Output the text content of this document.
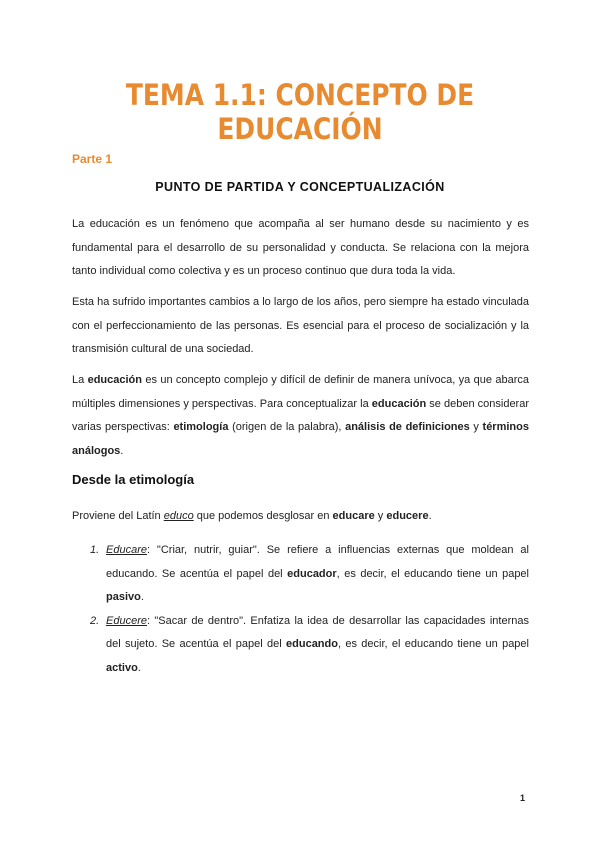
TEMA 1.1: CONCEPTO DE EDUCACIÓN

Parte 1

PUNTO DE PARTIDA Y CONCEPTUALIZACIÓN

La educación es un fenómeno que acompaña al ser humano desde su nacimiento y es fundamental para el desarrollo de su personalidad y conducta. Se relaciona con la mejora tanto individual como colectiva y es un proceso continuo que dura toda la vida.

Esta ha sufrido importantes cambios a lo largo de los años, pero siempre ha estado vinculada con el perfeccionamiento de las personas. Es esencial para el proceso de socialización y la transmisión cultural de una sociedad.

La educación es un concepto complejo y difícil de definir de manera unívoca, ya que abarca múltiples dimensiones y perspectivas. Para conceptualizar la educación se deben considerar varias perspectivas: etimología (origen de la palabra), análisis de definiciones y términos análogos.

Desde la etimología

Proviene del Latín educo que podemos desglosar en educare y educere.

1. Educare: "Criar, nutrir, guiar". Se refiere a influencias externas que moldean al educando. Se acentúa el papel del educador, es decir, el educando tiene un papel pasivo.
2. Educere: "Sacar de dentro". Enfatiza la idea de desarrollar las capacidades internas del sujeto. Se acentúa el papel del educando, es decir, el educando tiene un papel activo.
1
